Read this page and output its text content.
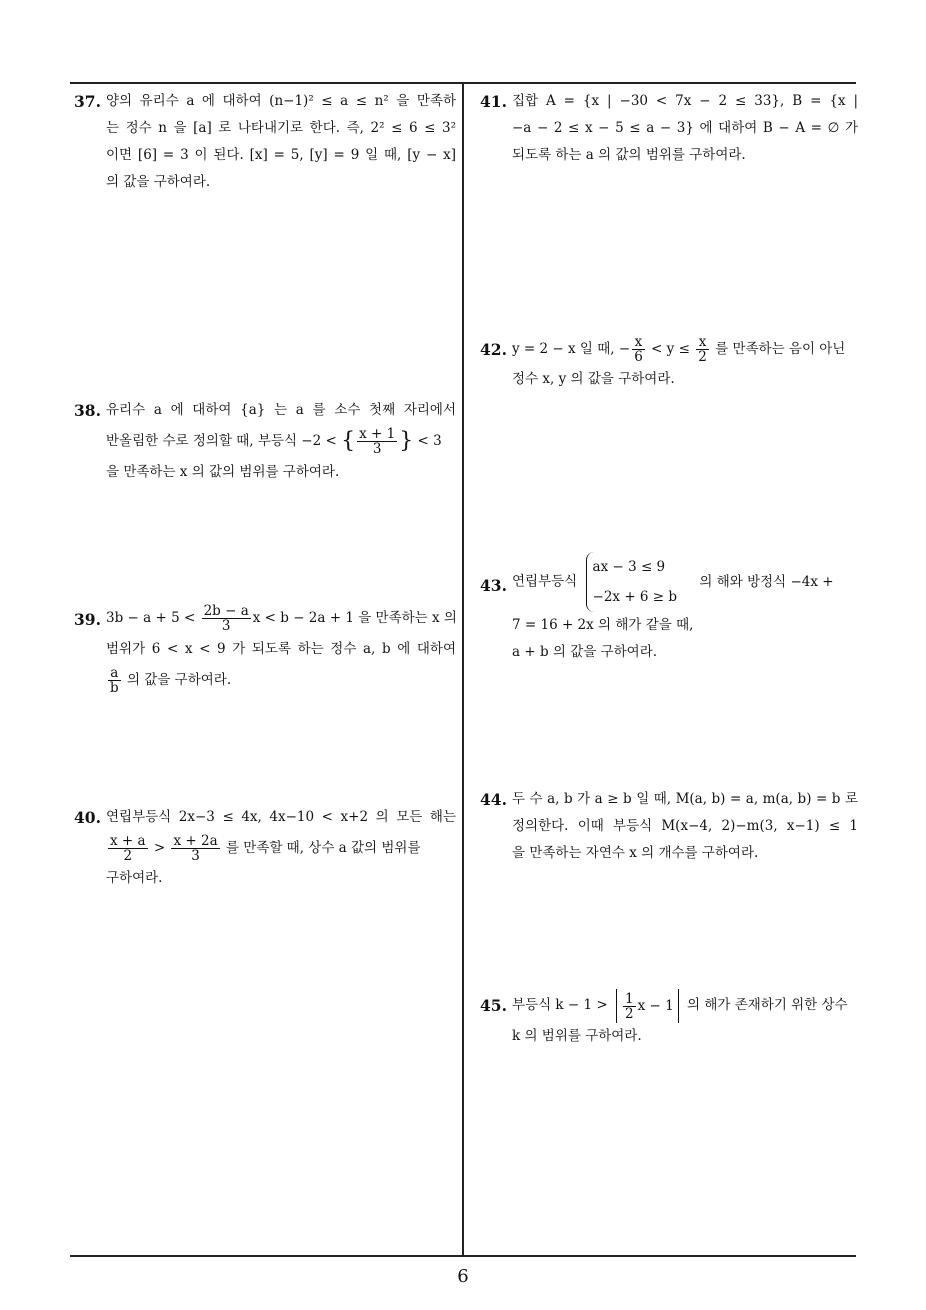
37. 양의 유리수 a 에 대하여 (n−1)² ≤ a ≤ n² 을 만족하
는 정수 n 을 [a] 로 나타내기로 한다. 즉, 2² ≤ 6 ≤ 3²
이면 [6] = 3 이 된다. [x] = 5, [y] = 9 일 때, [y − x]
의 값을 구하여라.
38. 유리수 a 에 대하여 {a} 는 a 를 소수 첫째 자리에서
반올림한 수로 정의할 때, 부등식 −2 < { $\frac{x + 1}{3}$ } < 3
을 만족하는 x 의 값의 범위를 구하여라.
39. $3b - a + 5 < \frac{2b - a}{3}$ x < b − 2a + 1 을 만족하는 x 의
범위가 6 < x < 9 가 되도록 하는 정수 a, b 에 대하여
$\frac{a}{b}$ 의 값을 구하여라.
40. 연립부등식 2x−3 ≤ 4x, 4x−10 < x+2 의 모든 해는
$\frac{x + a}{2} > \frac{x + 2a}{3}$ 를 만족할 때, 상수 a 값의 범위를
구하여라.
41. 집합 A = {x | −30 < 7x − 2 ≤ 33}, B = {x |
−a − 2 ≤ x − 5 ≤ a − 3} 에 대하여 B − A = ∅ 가
되도록 하는 a 의 값의 범위를 구하여라.
42. y = 2 − x 일 때, − $\frac{x}{6} < y \le \frac{x}{2}$ 를 만족하는 음이 아닌
정수 x, y 의 값을 구하여라.
43. 연립부등식
ax − 3 ≤ 9
−2x + 6 ≥ b
의 해와 방정식 −4x +
7 = 16 + 2x 의 해가 같을 때,
a + b 의 값을 구하여라.
44. 두 수 a, b 가 a ≥ b 일 때, M(a, b) = a, m(a, b) = b 로
정의한다. 이때 부등식 M(x−4, 2)−m(3, x−1) ≤ 1
을 만족하는 자연수 x 의 개수를 구하여라.
45. 부등식 $k - 1 > \frac{1}{2}$ x − 1 의 해가 존재하기 위한 상수
k 의 범위를 구하여라.
6
